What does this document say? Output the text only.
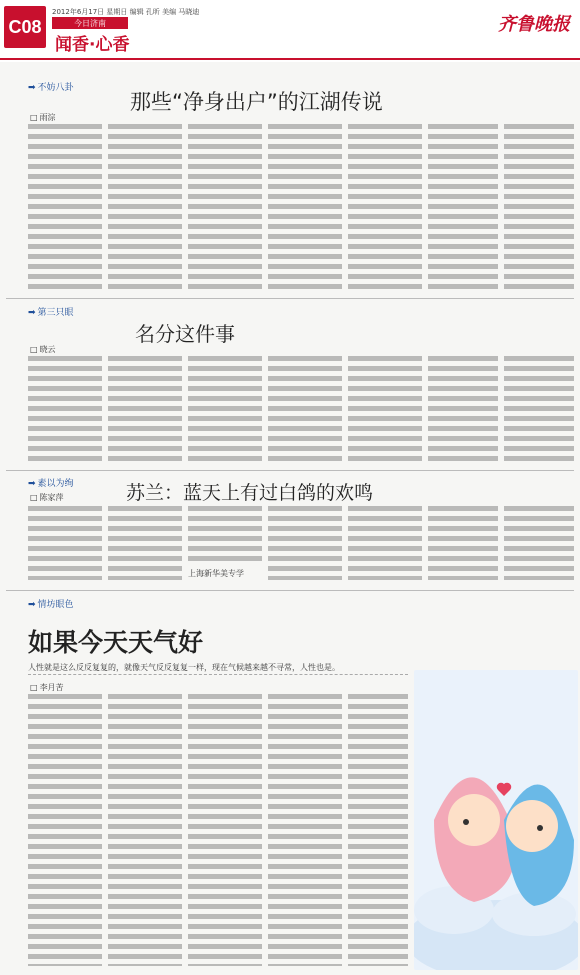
C08
2012年6月17日 星期日 编辑 孔昕 美编 马晓迪
今日济南
闻香·心香
齐鲁晚报
➡ 不妨八卦
那些“净身出户”的江湖传说
□ 雨淙
➡ 第三只眼
名分这件事
□ 晓云
➡ 素以为绚	苏兰：蓝天上有过白鸽的欢鸣
□ 陈家萍
上海新华美专学
➡ 情坊眼色
如果今天天气好
人性就是这么反反复复的，就像天气反反复复一样，现在气候越来越不寻常，人性也是。
□ 李月苦
